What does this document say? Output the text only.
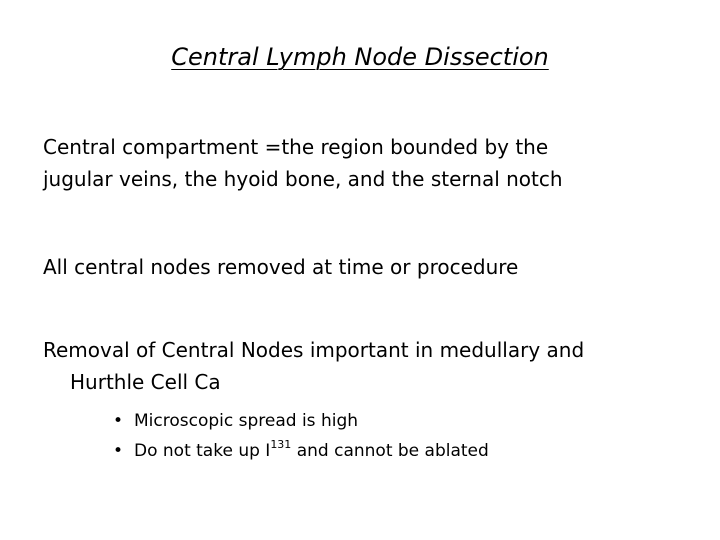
Central Lymph Node Dissection
Central compartment =the region bounded by the
jugular veins, the hyoid bone, and the sternal notch
All central nodes removed at time or procedure
Removal of Central Nodes important in medullary and
Hurthle Cell Ca
• Microscopic spread is high
• Do not take up $I^{131}$ and cannot be ablated
